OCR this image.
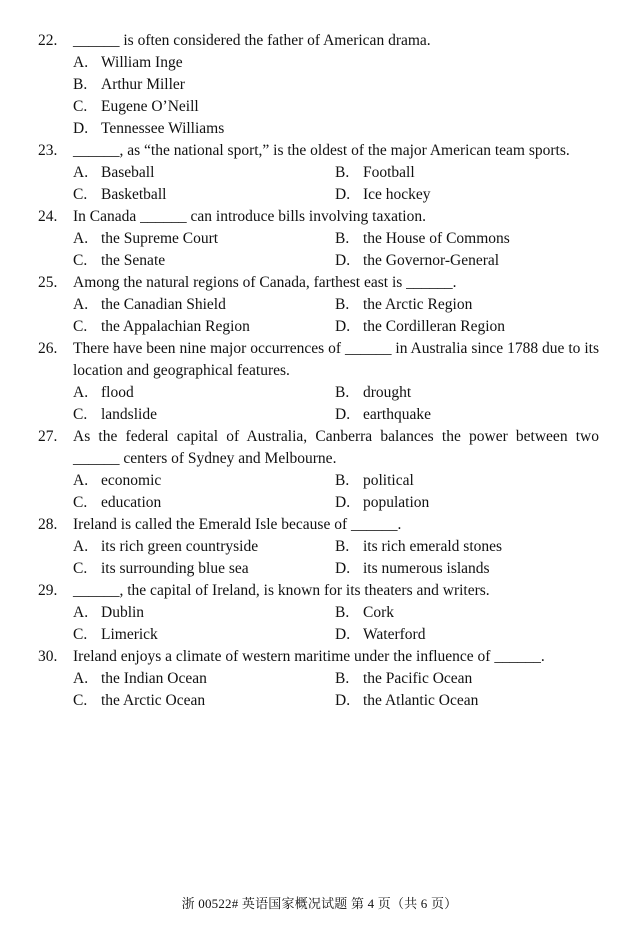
22.	______ is often considered the father of American drama.
A. William Inge
B. Arthur Miller
C. Eugene O’Neill
D. Tennessee Williams
23.	______, as “the national sport,” is the oldest of the major American team sports.
A. Baseball	B. Football
C. Basketball	D. Ice hockey
24.	In Canada ______ can introduce bills involving taxation.
A. the Supreme Court	B. the House of Commons
C. the Senate	D. the Governor-General
25.	Among the natural regions of Canada, farthest east is ______.
A. the Canadian Shield	B. the Arctic Region
C. the Appalachian Region	D. the Cordilleran Region
26.	There have been nine major occurrences of ______ in Australia since 1788 due to its location and geographical features.
A. flood	B. drought
C. landslide	D. earthquake
27.	As the federal capital of Australia, Canberra balances the power between two ______ centers of Sydney and Melbourne.
A. economic	B. political
C. education	D. population
28.	Ireland is called the Emerald Isle because of ______.
A. its rich green countryside	B. its rich emerald stones
C. its surrounding blue sea	D. its numerous islands
29.	______, the capital of Ireland, is known for its theaters and writers.
A. Dublin	B. Cork
C. Limerick	D. Waterford
30.	Ireland enjoys a climate of western maritime under the influence of ______.
A. the Indian Ocean	B. the Pacific Ocean
C. the Arctic Ocean	D. the Atlantic Ocean
浙 00522# 英语国家概况试题 第 4 页（共 6 页）
